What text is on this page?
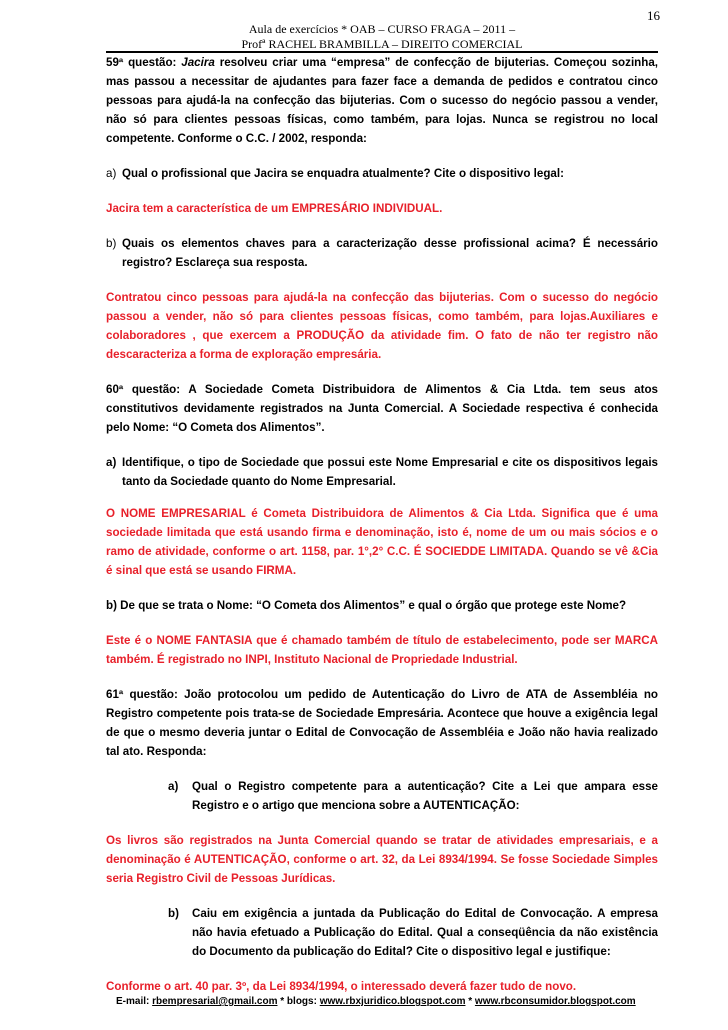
16
Aula de exercícios * OAB – CURSO FRAGA – 2011 –
Profª RACHEL BRAMBILLA – DIREITO COMERCIAL

59ª questão: Jacira resolveu criar uma “empresa” de confecção de bijuterias. Começou sozinha, mas passou a necessitar de ajudantes para fazer face a demanda de pedidos e contratou cinco pessoas para ajudá-la na confecção das bijuterias. Com o sucesso do negócio passou a vender, não só para clientes pessoas físicas, como também, para lojas. Nunca se registrou no local competente. Conforme o C.C. / 2002, responda:

a) Qual o profissional que Jacira se enquadra atualmente? Cite o dispositivo legal:

Jacira tem a característica de um EMPRESÁRIO INDIVIDUAL.

b) Quais os elementos chaves para a caracterização desse profissional acima? É necessário registro? Esclareça sua resposta.

Contratou cinco pessoas para ajudá-la na confecção das bijuterias. Com o sucesso do negócio passou a vender, não só para clientes pessoas físicas, como também, para lojas.Auxiliares e colaboradores , que exercem a PRODUÇÃO da atividade fim. O fato de não ter registro não descaracteriza a forma de exploração empresária.

60ª questão: A Sociedade Cometa Distribuidora de Alimentos & Cia Ltda. tem seus atos constitutivos devidamente registrados na Junta Comercial. A Sociedade respectiva é conhecida pelo Nome: “O Cometa dos Alimentos”.

a) Identifique, o tipo de Sociedade que possui este Nome Empresarial e cite os dispositivos legais tanto da Sociedade quanto do Nome Empresarial.

O NOME EMPRESARIAL é Cometa Distribuidora de Alimentos & Cia Ltda. Significa que é uma sociedade limitada que está usando firma e denominação, isto é, nome de um ou mais sócios e o ramo de atividade, conforme o art. 1158, par. 1°,2° C.C. É SOCIEDDE LIMITADA. Quando se vê &Cia é sinal que está se usando FIRMA.

b) De que se trata o Nome: “O Cometa dos Alimentos” e qual o órgão que protege este Nome?

Este é o NOME FANTASIA que é chamado também de título de estabelecimento, pode ser MARCA também. É registrado no INPI, Instituto Nacional de Propriedade Industrial.

61ª questão: João protocolou um pedido de Autenticação do Livro de ATA de Assembléia no Registro competente pois trata-se de Sociedade Empresária. Acontece que houve a exigência legal de que o mesmo deveria juntar o Edital de Convocação de Assembléia e João não havia realizado tal ato. Responda:

a)	Qual o Registro competente para a autenticação? Cite a Lei que ampara esse Registro e o artigo que menciona sobre a AUTENTICAÇÃO:

Os livros são registrados na Junta Comercial quando se tratar de atividades empresariais, e a denominação é AUTENTICAÇÃO, conforme o art. 32, da Lei 8934/1994. Se fosse Sociedade Simples seria Registro Civil de Pessoas Jurídicas.

b)	Caiu em exigência a juntada da Publicação do Edital de Convocação. A empresa não havia efetuado a Publicação do Edital. Qual a conseqüência da não existência do Documento da publicação do Edital? Cite o dispositivo legal e justifique:

Conforme o art. 40 par. 3º, da Lei 8934/1994, o interessado deverá fazer tudo de novo.

E-mail: rbempresarial@gmail.com * blogs: www.rbxjuridico.blogspot.com * www.rbconsumidor.blogspot.com
